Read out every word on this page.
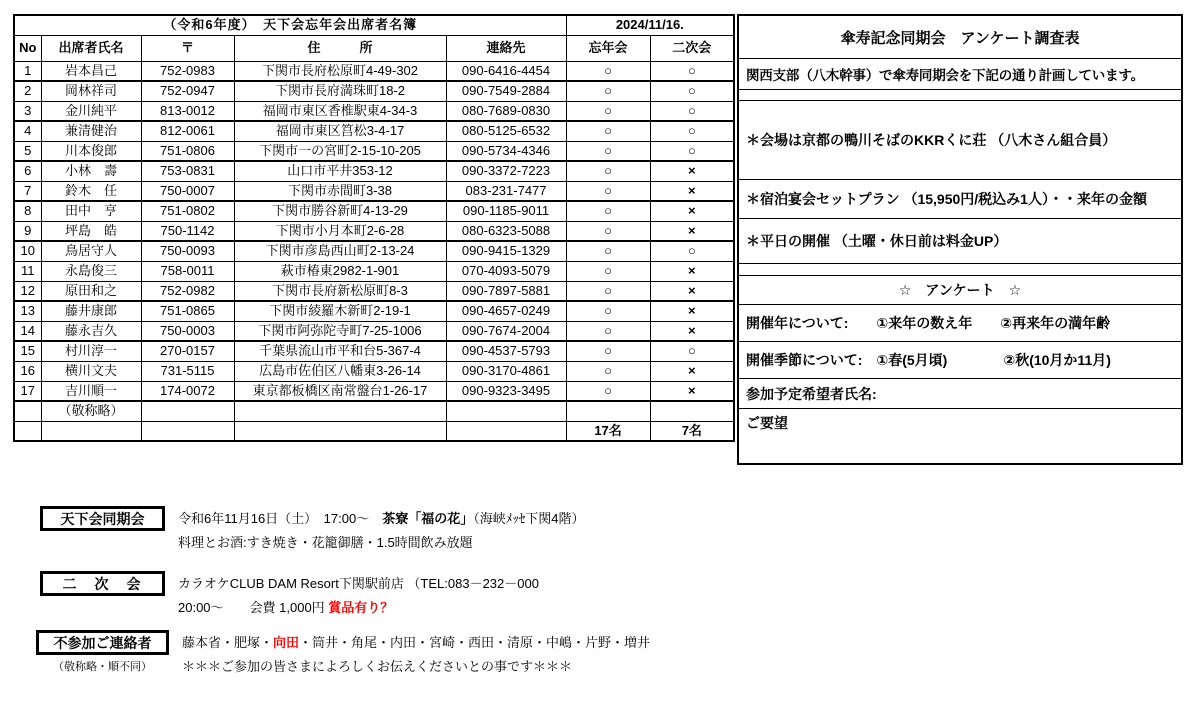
（令和6年度）　天下会忘年会出席者名簿					2024/11/16.	
No	出席者氏名	〒	住　　　所	連絡先	忘年会	二次会
1	岩本昌己	752-0983	下関市長府松原町4-49-302	090-6416-4454	○	○
2	岡林祥司	752-0947	下関市長府満珠町18-2	090-7549-2884	○	○
3	金川純平	813-0012	福岡市東区香椎駅東4-34-3	080-7689-0830	○	○
4	兼清健治	812-0061	福岡市東区筥松3-4-17	080-5125-6532	○	○
5	川本俊郎	751-0806	下関市一の宮町2-15-10-205	090-5734-4346	○	○
6	小林　壽	753-0831	山口市平井353-12	090-3372-7223	○	×
7	鈴木　任	750-0007	下関市赤間町3-38	083-231-7477	○	×
8	田中　亨	751-0802	下関市勝谷新町4-13-29	090-1185-9011	○	×
9	坪島　皓	750-1142	下関市小月本町2-6-28	080-6323-5088	○	×
10	鳥居守人	750-0093	下関市彦島西山町2-13-24	090-9415-1329	○	○
11	永島俊三	758-0011	萩市椿東2982-1-901	070-4093-5079	○	×
12	原田和之	752-0982	下関市長府新松原町8-3	090-7897-5881	○	×
13	藤井康郎	751-0865	下関市綾羅木新町2-19-1	090-4657-0249	○	×
14	藤永吉久	750-0003	下関市阿弥陀寺町7-25-1006	090-7674-2004	○	×
15	村川淳一	270-0157	千葉県流山市平和台5-367-4	090-4537-5793	○	○
16	横川文夫	731-5115	広島市佐伯区八幡東3-26-14	090-3170-4861	○	×
17	吉川順一	174-0072	東京都板橋区南常盤台1-26-17	090-9323-3495	○	×
	（敬称略）					
					17名	7名
傘寿記念同期会　アンケート調査表
関西支部（八木幹事）で傘寿同期会を下記の通り計画しています。
＊会場は京都の鴨川そばのKKRくに荘 （八木さん組合員）
＊宿泊宴会セットプラン （15,950円/税込み1人）・・来年の金額
＊平日の開催 （土曜・休日前は料金UP）
☆　アンケート　☆
開催年について:　　①来年の数え年　　②再来年の満年齢
開催季節について:　①春(5月頃)　　　　②秋(10月か11月)
参加予定希望者氏名:
ご要望
天下会同期会	令和6年11月16日（土）　17:00～　茶寮「福の花」（海峡ﾒｯｾ下関4階）
料理とお酒:すき焼き・花籠御膳・1.5時間飲み放題
二　次　会	カラオケCLUB DAM Resort下関駅前店 （TEL:083－232－000
20:00～　　会費 1,000円 賞品有り？
不参加ご連絡者
（敬称略・順不同）
藤本省・肥塚・向田・筒井・角尾・内田・宮崎・西田・清原・中嶋・片野・増井
＊＊＊ご参加の皆さまによろしくお伝えくださいとの事です＊＊＊
